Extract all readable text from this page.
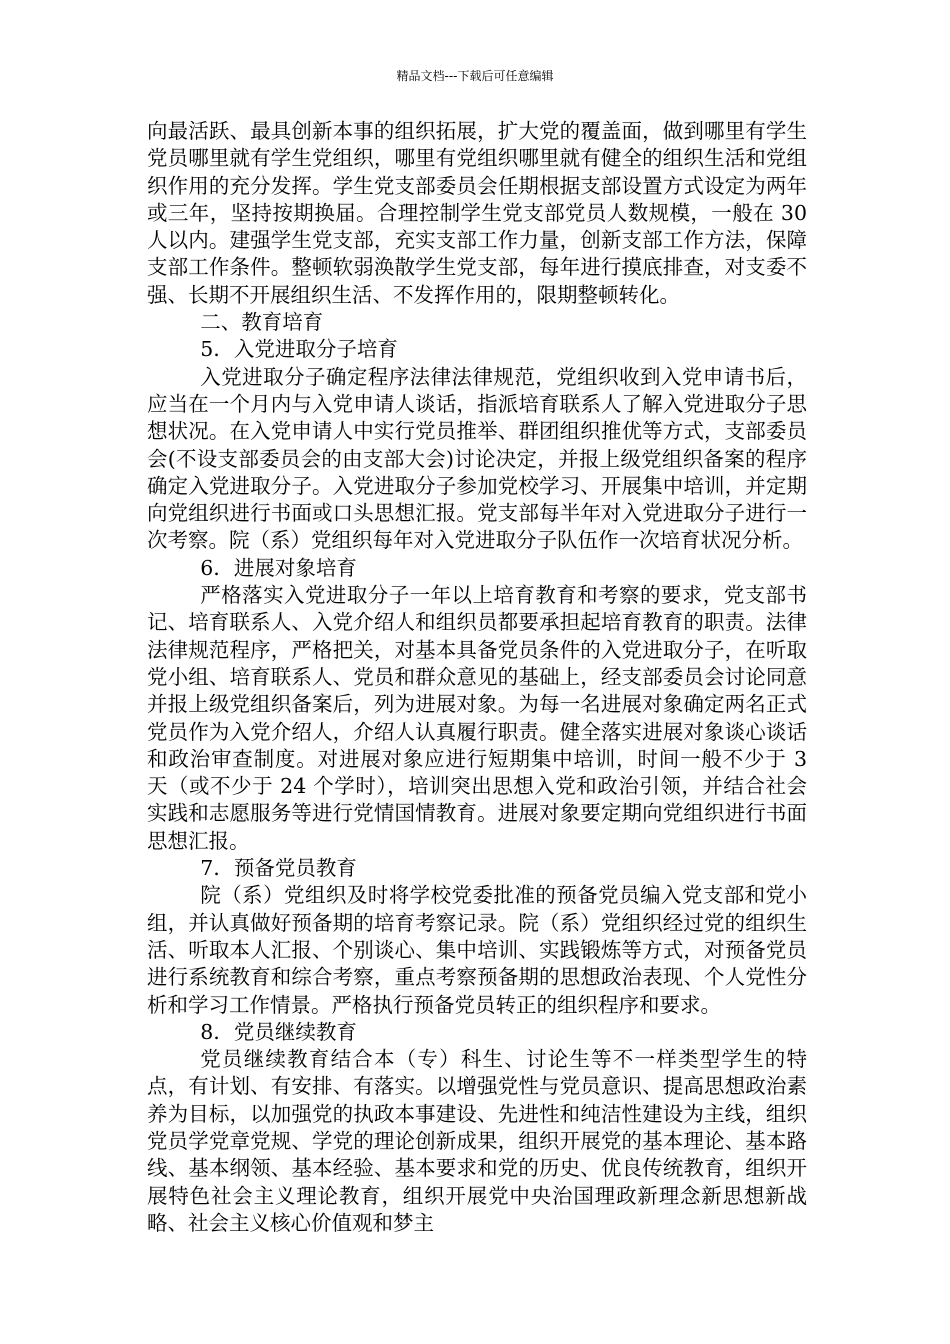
精品文档---下载后可任意编辑

向最活跃、最具创新本事的组织拓展，扩大党的覆盖面，做到哪里有学生党员哪里就有学生党组织，哪里有党组织哪里就有健全的组织生活和党组织作用的充分发挥。学生党支部委员会任期根据支部设置方式设定为两年或三年，坚持按期换届。合理控制学生党支部党员人数规模，一般在 30 人以内。建强学生党支部，充实支部工作力量，创新支部工作方法，保障支部工作条件。整顿软弱涣散学生党支部，每年进行摸底排查，对支委不强、长期不开展组织生活、不发挥作用的，限期整顿转化。

二、教育培育

5．入党进取分子培育

入党进取分子确定程序法律法律规范，党组织收到入党申请书后，应当在一个月内与入党申请人谈话，指派培育联系人了解入党进取分子思想状况。在入党申请人中实行党员推举、群团组织推优等方式，支部委员会(不设支部委员会的由支部大会)讨论决定，并报上级党组织备案的程序确定入党进取分子。入党进取分子参加党校学习、开展集中培训，并定期向党组织进行书面或口头思想汇报。党支部每半年对入党进取分子进行一次考察。院（系）党组织每年对入党进取分子队伍作一次培育状况分析。

6．进展对象培育

严格落实入党进取分子一年以上培育教育和考察的要求，党支部书记、培育联系人、入党介绍人和组织员都要承担起培育教育的职责。法律法律规范程序，严格把关，对基本具备党员条件的入党进取分子，在听取党小组、培育联系人、党员和群众意见的基础上，经支部委员会讨论同意并报上级党组织备案后，列为进展对象。为每一名进展对象确定两名正式党员作为入党介绍人，介绍人认真履行职责。健全落实进展对象谈心谈话和政治审查制度。对进展对象应进行短期集中培训，时间一般不少于 3 天（或不少于 24 个学时），培训突出思想入党和政治引领，并结合社会实践和志愿服务等进行党情国情教育。进展对象要定期向党组织进行书面思想汇报。

7．预备党员教育

院（系）党组织及时将学校党委批准的预备党员编入党支部和党小组，并认真做好预备期的培育考察记录。院（系）党组织经过党的组织生活、听取本人汇报、个别谈心、集中培训、实践锻炼等方式，对预备党员进行系统教育和综合考察，重点考察预备期的思想政治表现、个人党性分析和学习工作情景。严格执行预备党员转正的组织程序和要求。

8．党员继续教育

党员继续教育结合本（专）科生、讨论生等不一样类型学生的特点，有计划、有安排、有落实。以增强党性与党员意识、提高思想政治素养为目标，以加强党的执政本事建设、先进性和纯洁性建设为主线，组织党员学党章党规、学党的理论创新成果，组织开展党的基本理论、基本路线、基本纲领、基本经验、基本要求和党的历史、优良传统教育，组织开展特色社会主义理论教育，组织开展党中央治国理政新理念新思想新战略、社会主义核心价值观和梦主
